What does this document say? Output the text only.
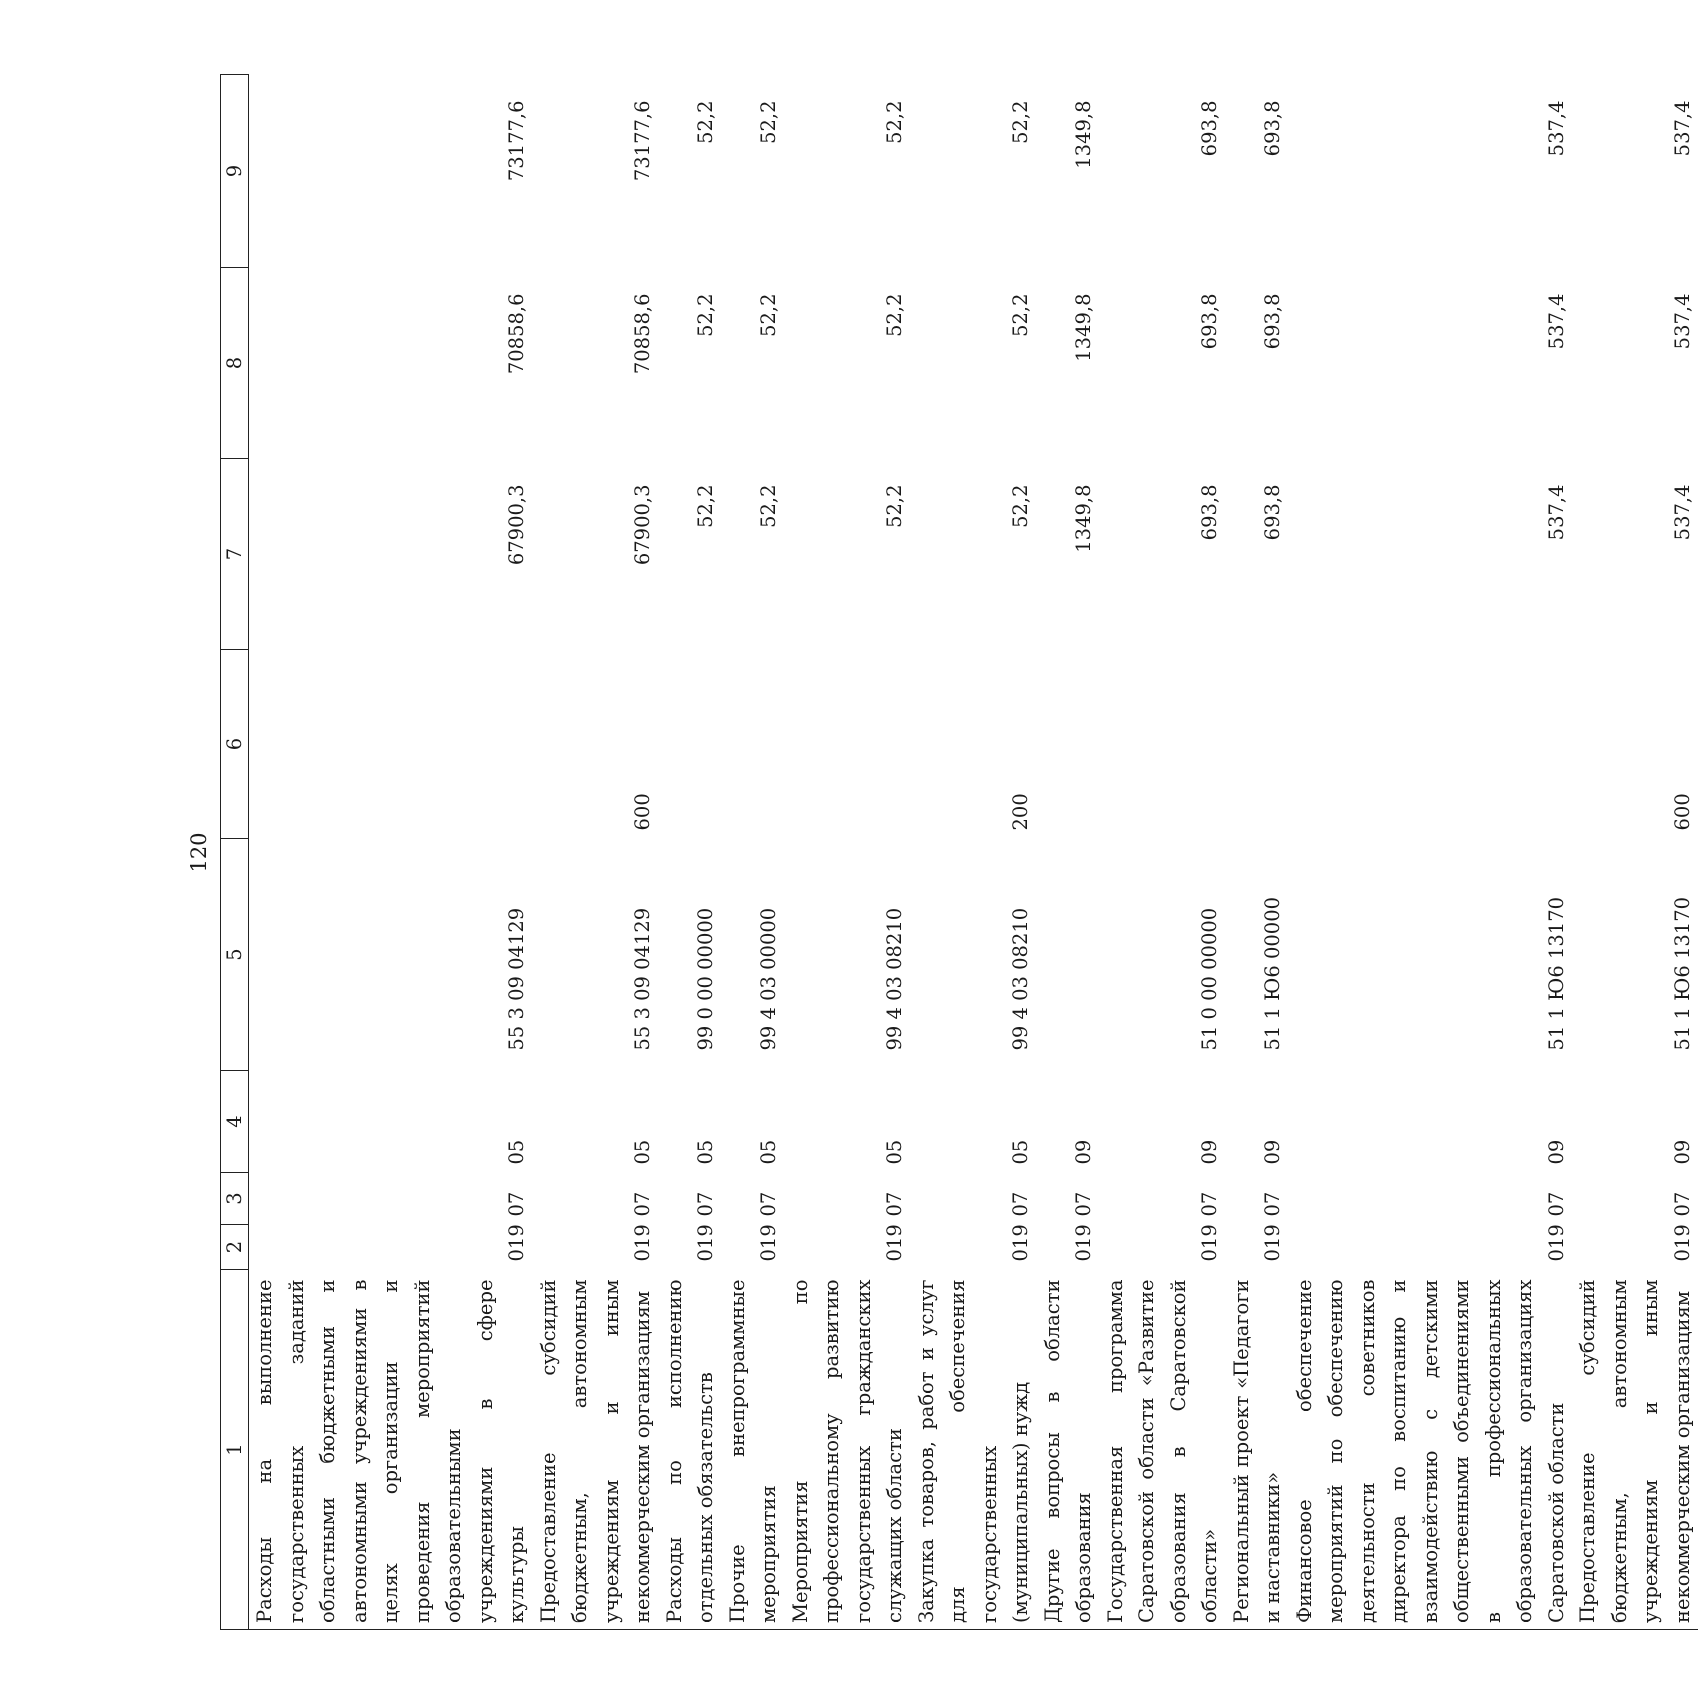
120
1	2	3	4	5	6	7	8	9
Расходы на выполнение государственных заданий областными бюджетными и автономными учреждениями в целях организации и проведения мероприятий образовательными учреждениями в сфере культуры	019	07	05	55 3 09 04129		67900,3	70858,6	73177,6
Предоставление субсидий бюджетным, автономным учреждениям и иным некоммерческим организациям	019	07	05	55 3 09 04129	600	67900,3	70858,6	73177,6
Расходы по исполнению отдельных обязательств	019	07	05	99 0 00 00000		52,2	52,2	52,2
Прочие внепрограммные мероприятия	019	07	05	99 4 03 00000		52,2	52,2	52,2
Мероприятия по профессиональному развитию государственных гражданских служащих области	019	07	05	99 4 03 08210		52,2	52,2	52,2
Закупка товаров, работ и услуг для обеспечения государственных (муниципальных) нужд	019	07	05	99 4 03 08210	200	52,2	52,2	52,2
Другие вопросы в области образования	019	07	09			1349,8	1349,8	1349,8
Государственная программа Саратовской области «Развитие образования в Саратовской области»	019	07	09	51 0 00 00000		693,8	693,8	693,8
Региональный проект «Педагоги и наставники»	019	07	09	51 1 Ю6 00000		693,8	693,8	693,8
Финансовое обеспечение мероприятий по обеспечению деятельности советников директора по воспитанию и взаимодействию с детскими общественными объединениями в профессиональных образовательных организациях Саратовской области	019	07	09	51 1 Ю6 13170		537,4	537,4	537,4
Предоставление субсидий бюджетным, автономным учреждениям и иным некоммерческим организациям	019	07	09	51 1 Ю6 13170	600	537,4	537,4	537,4
